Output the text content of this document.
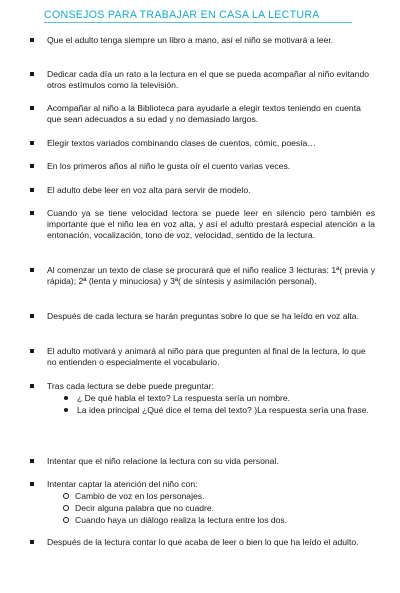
CONSEJOS PARA TRABAJAR EN CASA LA LECTURA

Que el adulto tenga siempre un libro a mano, así el niño se motivará a leer.

Dedicar cada día un rato a la lectura en el que se pueda acompañar al niño evitando otros estímulos como la televisión.

Acompañar al niño a la Biblioteca para ayudarle a elegir textos teniendo en cuenta que sean adecuados a su edad y no demasiado largos.

Elegir textos variados combinando clases de cuentos, cómic, poesía…

En los primeros años al niño le gusta oír el cuento varias veces.

El adulto debe leer en voz alta para servir de modelo.

Cuando ya se tiene velocidad lectora se puede leer en silencio pero también es importante que el niño lea en voz alta, y así el adulto prestará especial atención a la entonación, vocalización, tono de voz, velocidad, sentido de la lectura.

Al comenzar un texto de clase se procurará que el niño realice 3 lecturas: 1ª( previa y rápida); 2ª (lenta y minuciosa) y 3ª( de síntesis y asimilación personal).

Después de cada lectura se harán preguntas sobre lo que se ha leído en voz alta.

El adulto motivará y animará al niño para que pregunten al final de la lectura, lo que no entienden o especialmente el vocabulario.

Tras cada lectura se debe puede preguntar:

¿ De qué habla el texto? La respuesta sería un nombre.
La idea principal ¿Qué dice el tema del texto? )La respuesta sería una frase.

Intentar que el niño relacione la lectura con su vida personal.

Intentar captar la atención del niño con:

Cambio de voz en los personajes.
Decir alguna palabra que no cuadre.
Cuando haya un diálogo realiza la lectura entre los dos.

Después de la lectura contar lo que acaba de leer o bien lo que ha leído el adulto.
